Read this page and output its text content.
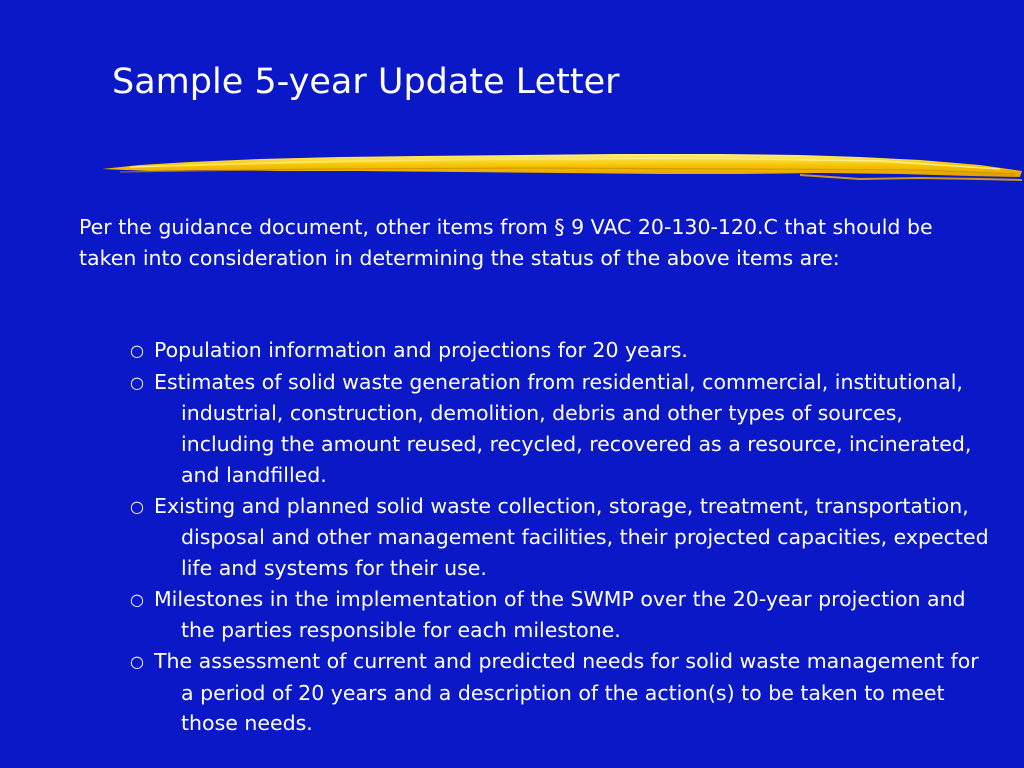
Sample 5-year Update Letter
Per the guidance document, other items from § 9 VAC 20-130-120.C that should be taken into consideration in determining the status of the above items are:
○ Population information and projections for 20 years.
○ Estimates of solid waste generation from residential, commercial, institutional, industrial, construction, demolition, debris and other types of sources, including the amount reused, recycled, recovered as a resource, incinerated, and landfilled.
○ Existing and planned solid waste collection, storage, treatment, transportation, disposal and other management facilities, their projected capacities, expected life and systems for their use.
○ Milestones in the implementation of the SWMP over the 20-year projection and the parties responsible for each milestone.
○ The assessment of current and predicted needs for solid waste management for a period of 20 years and a description of the action(s) to be taken to meet those needs.
